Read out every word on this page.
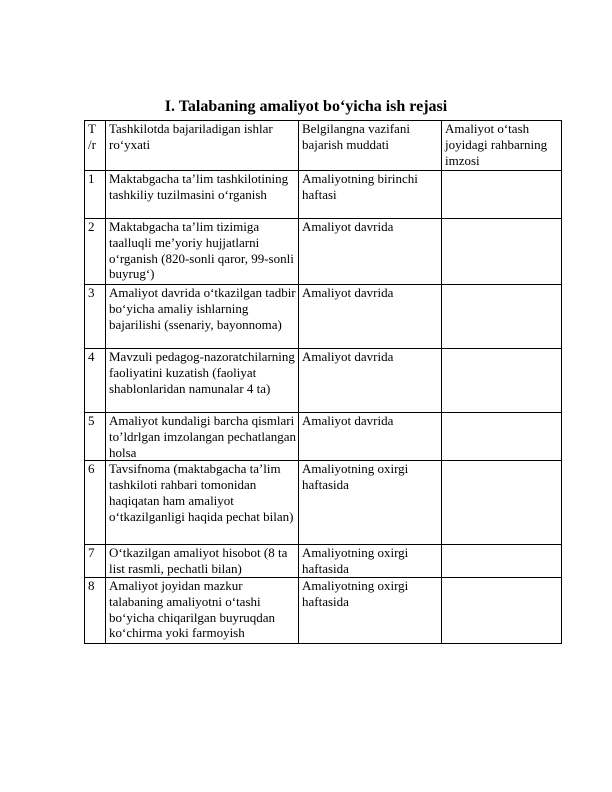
I. Talabaning amaliyot bo‘yicha ish rejasi
T /r	Tashkilotda bajariladigan ishlar ro‘yxati	Belgilangna vazifani bajarish muddati	Amaliyot o‘tash joyidagi rahbarning imzosi
1	Maktabgacha ta’lim tashkilotining tashkiliy tuzilmasini o‘rganish	Amaliyotning birinchi haftasi	
2	Maktabgacha ta’lim tizimiga taalluqli me’yoriy hujjatlarni o‘rganish (820-sonli qaror, 99-sonli buyrug‘)	Amaliyot davrida	
3	Amaliyot davrida o‘tkazilgan tadbir bo‘yicha amaliy ishlarning bajarilishi (ssenariy, bayonnoma)	Amaliyot davrida	
4	Mavzuli pedagog-nazoratchilarning faoliyatini kuzatish (faoliyat shablonlaridan namunalar 4 ta)	Amaliyot davrida	
5	Amaliyot kundaligi barcha qismlari to’ldrlgan imzolangan pechatlangan holsa	Amaliyot davrida	
6	Tavsifnoma (maktabgacha ta’lim tashkiloti rahbari tomonidan haqiqatan ham amaliyot o‘tkazilganligi haqida pechat bilan)	Amaliyotning oxirgi haftasida	
7	O‘tkazilgan amaliyot hisobot (8 ta list rasmli, pechatli bilan)	Amaliyotning oxirgi haftasida	
8	Amaliyot joyidan mazkur talabaning amaliyotni o‘tashi bo‘yicha chiqarilgan buyruqdan ko‘chirma yoki farmoyish	Amaliyotning oxirgi haftasida	
